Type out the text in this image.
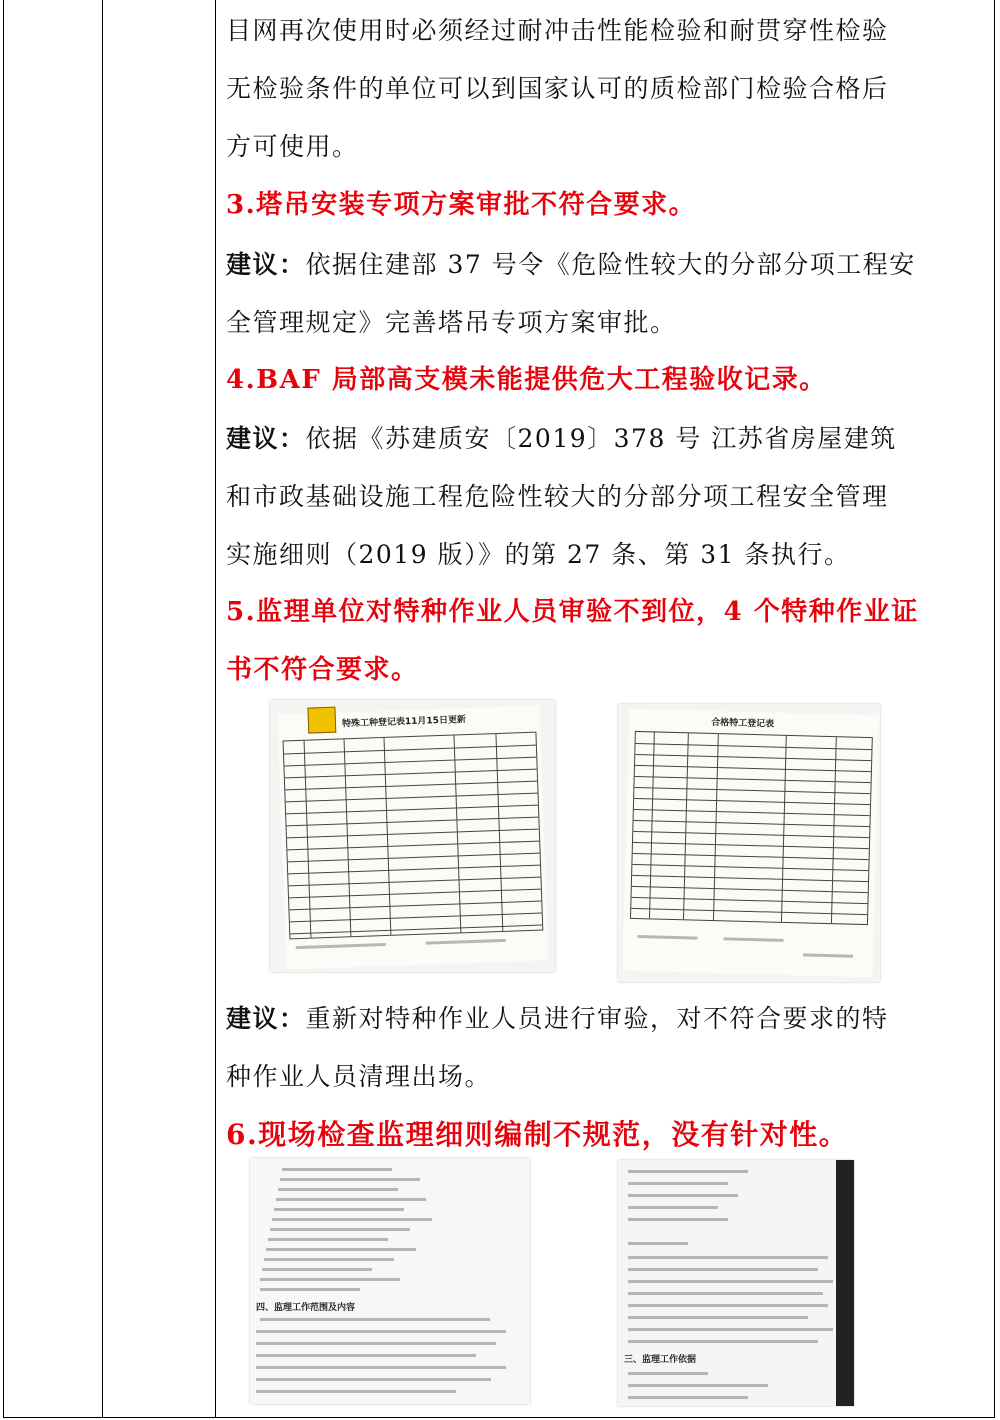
目网再次使用时必须经过耐冲击性能检验和耐贯穿性检验
无检验条件的单位可以到国家认可的质检部门检验合格后
方可使用。
3.塔吊安装专项方案审批不符合要求。
建议：依据住建部 37 号令《危险性较大的分部分项工程安
全管理规定》完善塔吊专项方案审批。
4.BAF 局部高支模未能提供危大工程验收记录。
建议：依据《苏建质安〔2019〕378 号 江苏省房屋建筑
和市政基础设施工程危险性较大的分部分项工程安全管理
实施细则（2019 版）》的第 27 条、第 31 条执行。
5.监理单位对特种作业人员审验不到位，4 个特种作业证
书不符合要求。
建议：重新对特种作业人员进行审验，对不符合要求的特
种作业人员清理出场。
6.现场检查监理细则编制不规范，没有针对性。
特殊工种登记表11月15日更新	合格特工登记表
四、监理工作范围及内容
三、监理工作依据
